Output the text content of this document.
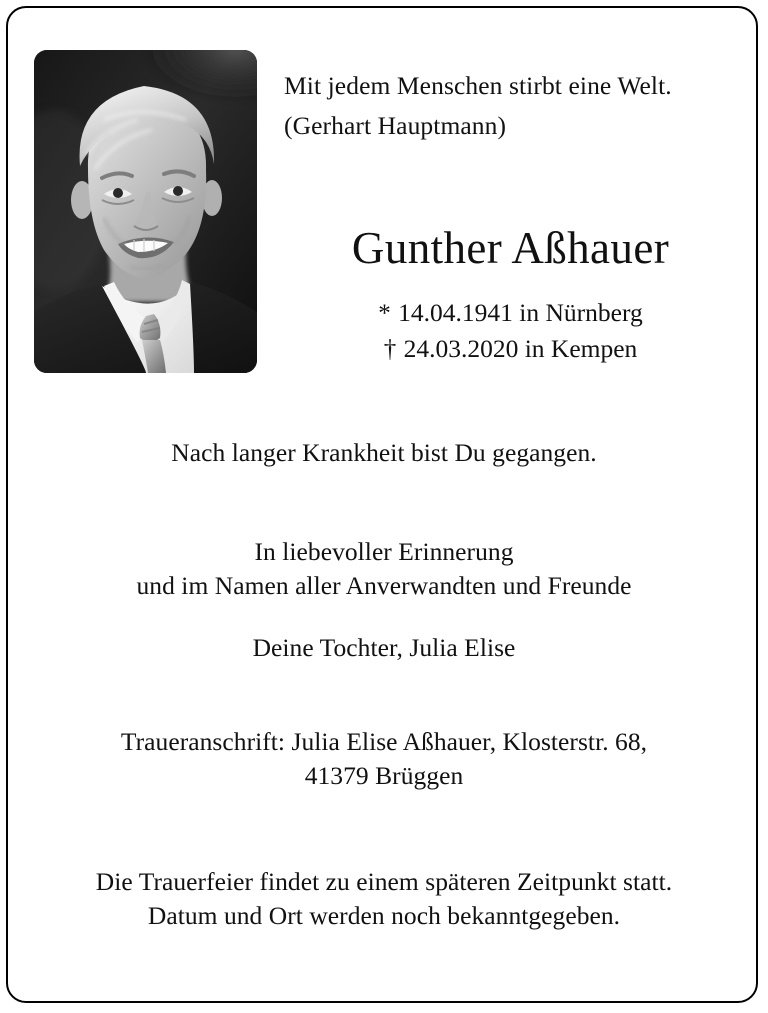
Mit jedem Menschen stirbt eine Welt.
(Gerhart Hauptmann)
Gunther Aßhauer
* 14.04.1941 in Nürnberg
† 24.03.2020 in Kempen

Nach langer Krankheit bist Du gegangen.

In liebevoller Erinnerung
und im Namen aller Anverwandten und Freunde

Deine Tochter, Julia Elise

Traueranschrift: Julia Elise Aßhauer, Klosterstr. 68,
41379 Brüggen

Die Trauerfeier findet zu einem späteren Zeitpunkt statt.
Datum und Ort werden noch bekanntgegeben.
